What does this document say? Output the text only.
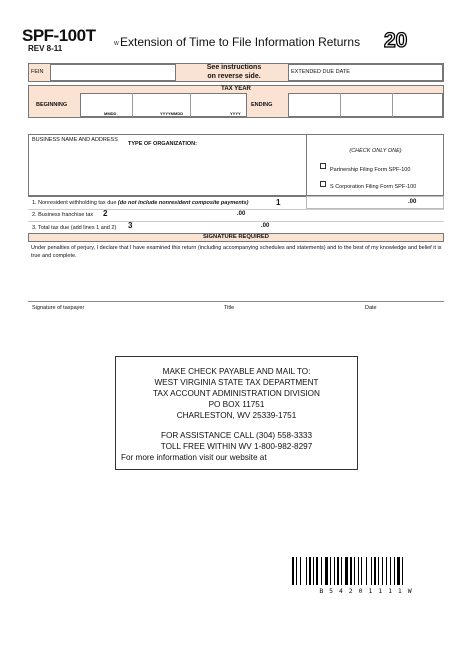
SPF-100T
REV 8-11	W Extension of Time to File Information Returns 20
FEIN
See instructions
on reverse side.
EXTENDED DUE DATE
TAX YEAR
BEGINNING
MMDD	YYYYMMDD	YYYY
ENDING
BUSINESS NAME AND ADDRESS
TYPE OF ORGANIZATION:
(CHECK ONLY ONE)
Partnership Filing Form SPF-100
S Corporation Filing Form SPF-100
1. Nonresident withholding tax due (do not include nonresident composite payments)	1	.00
2. Business franchise tax 2	.00
3. Total tax due (add lines 1 and 2) 3	.00
SIGNATURE REQUIRED
Under penalties of perjury, I declare that I have examined this return (including accompanying schedules and statements) and to the best of my knowledge and belief it is true and complete.
Signature of taxpayer	Title	Date
MAKE CHECK PAYABLE AND MAIL TO:
WEST VIRGINIA STATE TAX DEPARTMENT
TAX ACCOUNT ADMINISTRATION DIVISION
PO BOX 11751
CHARLESTON, WV 25339-1751
FOR ASSISTANCE CALL (304) 558-3333
TOLL FREE WITHIN WV 1-800-982-8297
For more information visit our website at
B 5 4 2 0 1 1 1 1 W
